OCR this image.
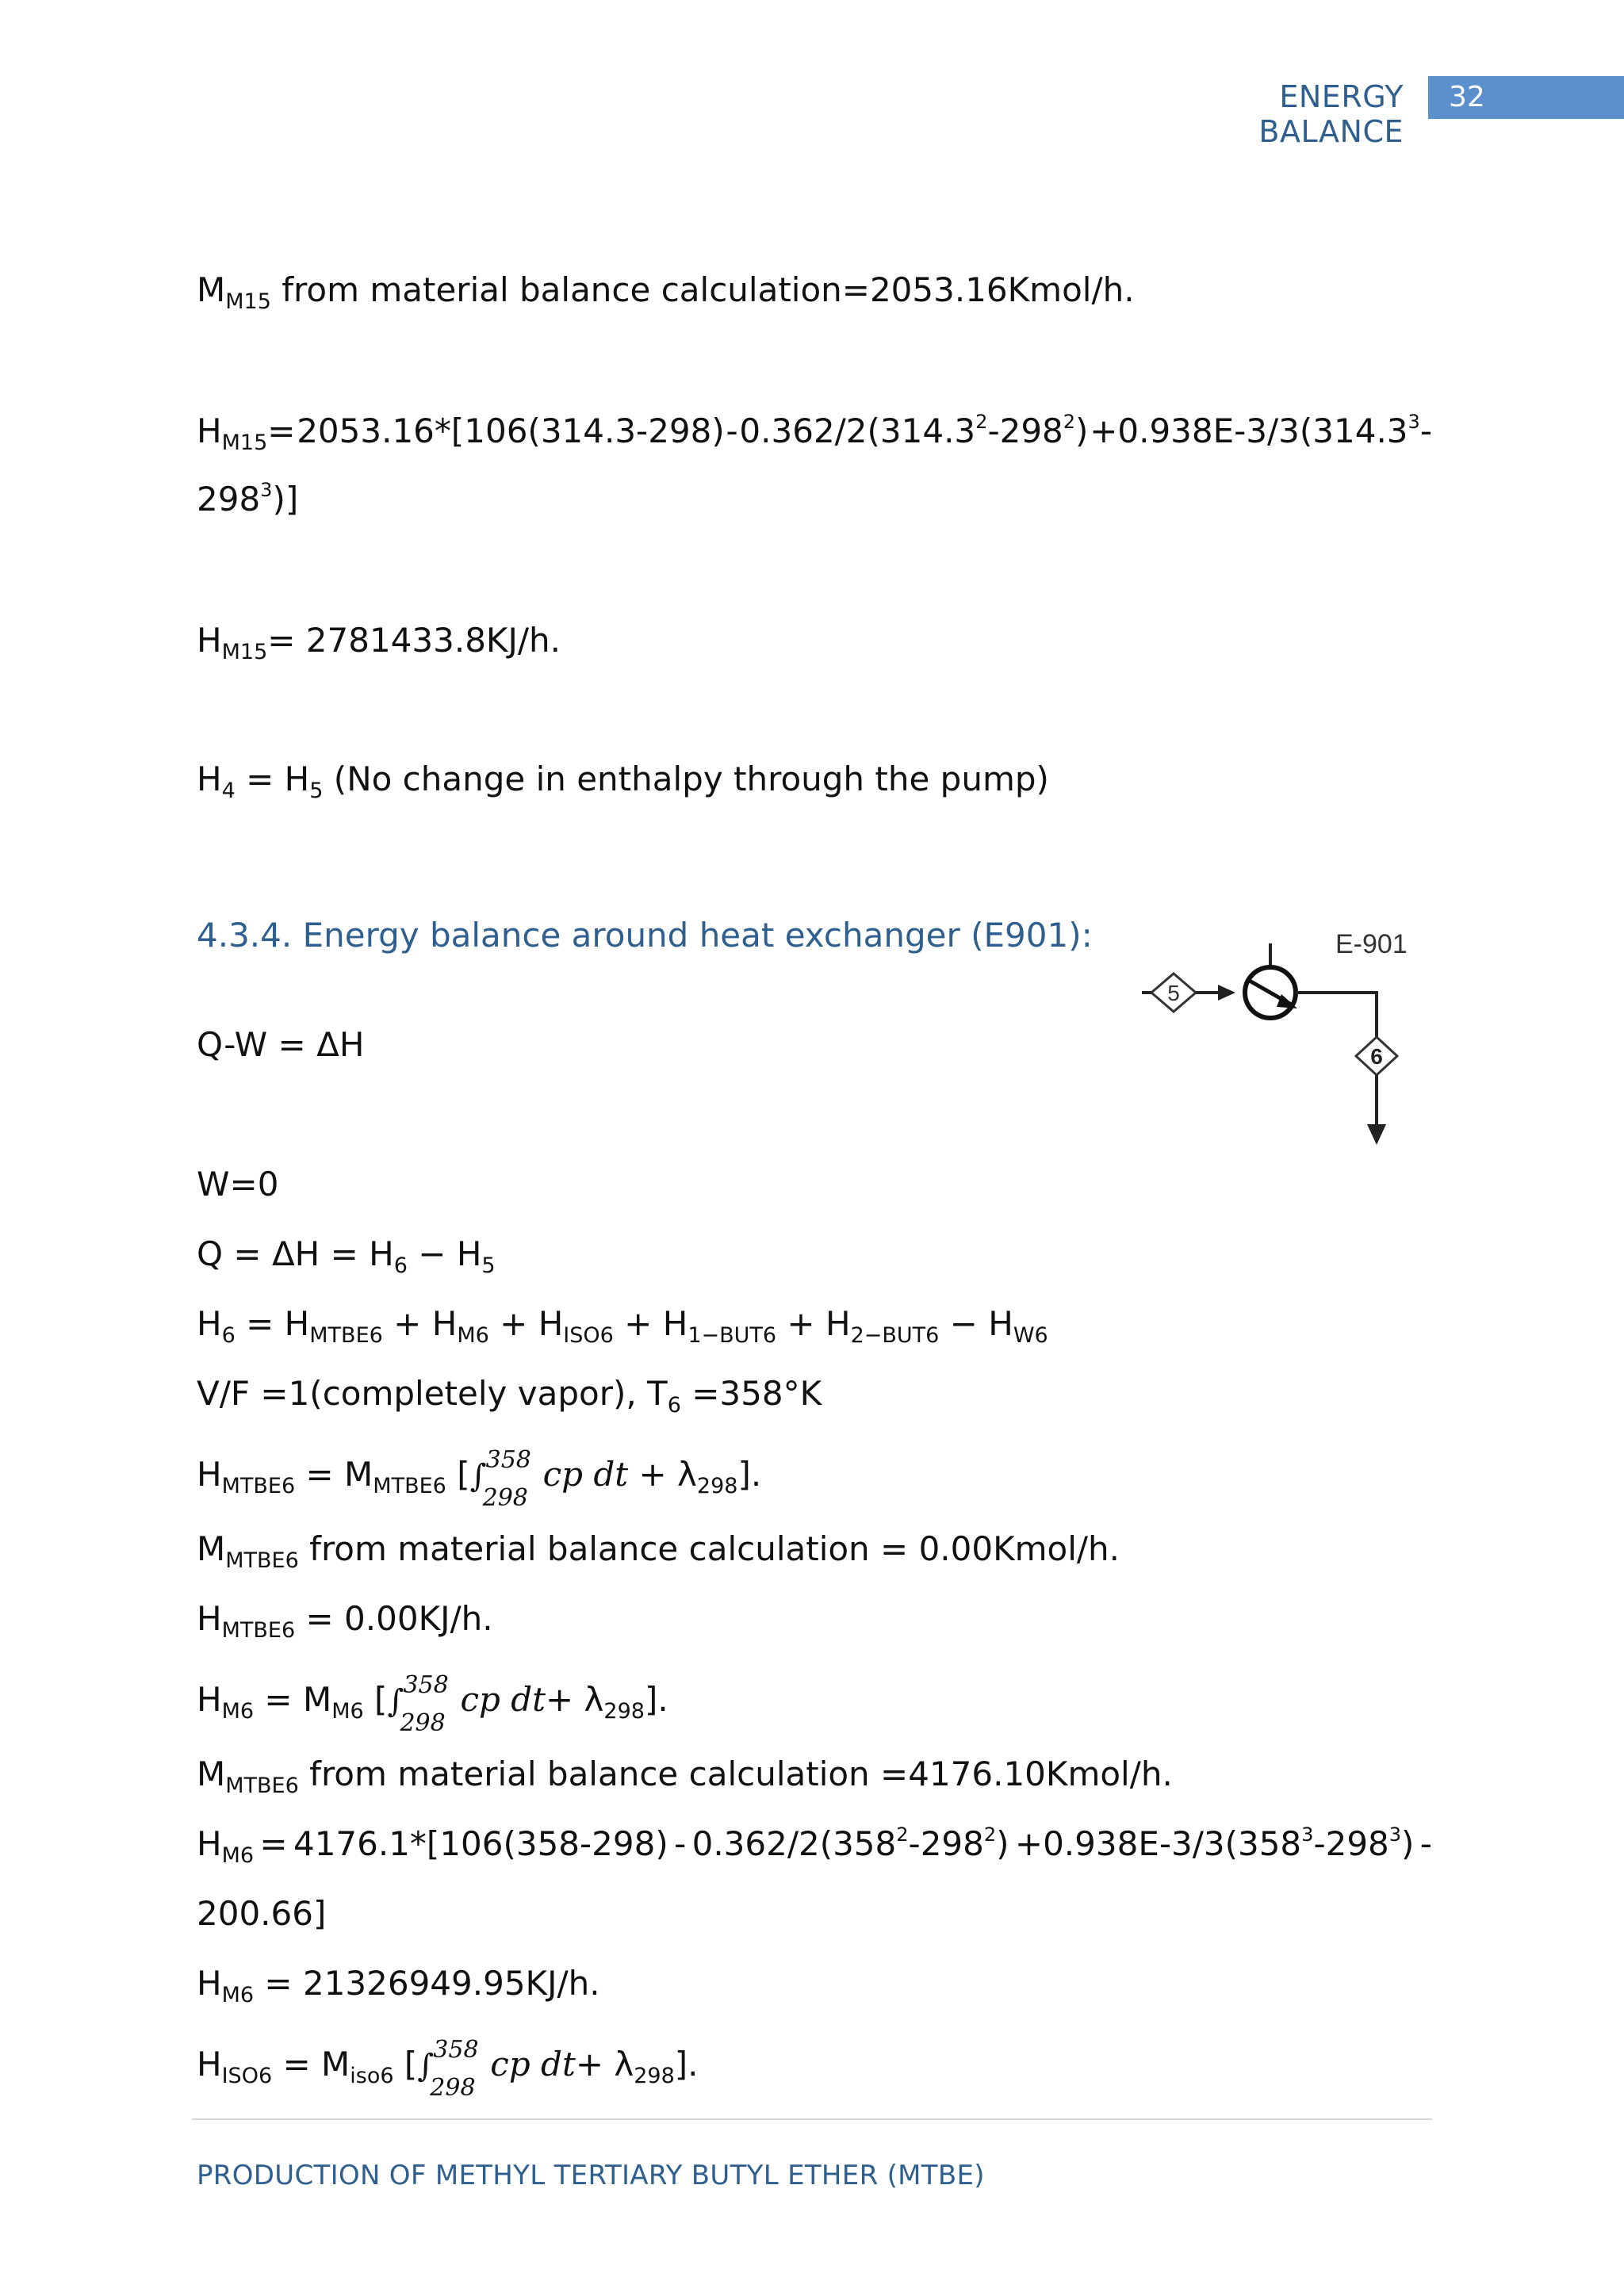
ENERGY BALANCE
32
$M_{M15}$ from material balance calculation=2053.16Kmol/h.
$H_{M15}= 2053.16*[106(314.3-298) - 0.362/2(314.3^2-298^2) +0.938E-3/3(314.3^3-$
$298^3$)]
$H_{M15}= 2781433.8KJ/h$.
$H_4 = H_5$ (No change in enthalpy through the pump)
4.3.4. Energy balance around heat exchanger (E901):	E-901
5
6
Q-W = ΔH
W=0
$Q = \Delta H = H_6 - H_5$
$H_6 = H_{MTBE6} + H_{M6} + H_{ISO6} + H_{1-BUT6} + H_{2-BUT6} - H_{W6}$
V/F =1(completely vapor), $T_6 =358^\circ K$
$H_{MTBE6} = M_{MTBE6}$ [ ∫ 358
298
cp dt + $\lambda_{298}$].
$M_{MTBE6}$ from material balance calculation = 0.00Kmol/h.
$H_{MTBE6} = 0.00KJ/h$.
$H_{M6} = M_{M6}$ [ ∫ 358
298
cp $dt+ \lambda_{298}$].
$M_{MTBE6}$ from material balance calculation =4176.10Kmol/h.
$H_{M6} = 4176.1*[106(358-298) - 0.362/2(358^2-298^2) +0.938E-3/3(358^3-298^3)$ -
200.66]
$H_{M6} = 21326949.95KJ/h$.
$H_{ISO6} = M_{iso6}$ [ ∫ 358
298
cp $dt+ \lambda_{298}$].
PRODUCTION OF METHYL TERTIARY BUTYL ETHER (MTBE)
